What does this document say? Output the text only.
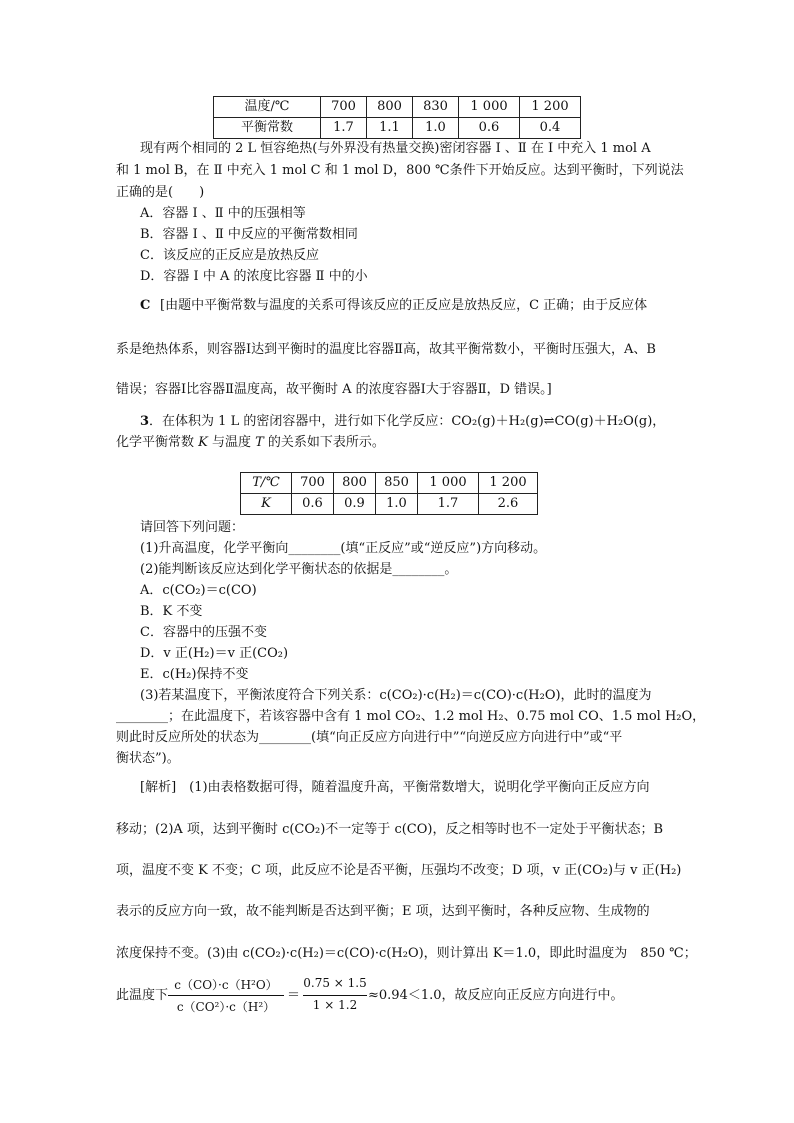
温度/℃	700	800	830	1 000	1 200
平衡常数	1.7	1.1	1.0	0.6	0.4
现有两个相同的 2 L 恒容绝热(与外界没有热量交换)密闭容器 Ⅰ 、Ⅱ 在 Ⅰ 中充入 1 mol A
和 1 mol B，在 Ⅱ 中充入 1 mol C 和 1 mol D，800 ℃条件下开始反应。达到平衡时，下列说法
正确的是(　　)
A．容器 Ⅰ 、Ⅱ 中的压强相等
B．容器 Ⅰ 、Ⅱ 中反应的平衡常数相同
C．该反应的正反应是放热反应
D．容器 Ⅰ 中 A 的浓度比容器 Ⅱ 中的小
C [由题中平衡常数与温度的关系可得该反应的正反应是放热反应，C 正确；由于反应体
系是绝热体系，则容器Ⅰ达到平衡时的温度比容器Ⅱ高，故其平衡常数小，平衡时压强大，A、B
错误；容器Ⅰ比容器Ⅱ温度高，故平衡时 A 的浓度容器Ⅰ大于容器Ⅱ，D 错误。]
3．在体积为 1 L 的密闭容器中，进行如下化学反应：CO₂(g)＋H₂(g)⇌CO(g)＋H₂O(g)，
化学平衡常数 K 与温度 T 的关系如下表所示。
T/℃	700	800	850	1 000	1 200
K	0.6	0.9	1.0	1.7	2.6
请回答下列问题：
(1)升高温度，化学平衡向________(填“正反应”或“逆反应”)方向移动。
(2)能判断该反应达到化学平衡状态的依据是________。
A．c(CO₂)＝c(CO)
B．K 不变
C．容器中的压强不变
D．v 正(H₂)＝v 正(CO₂)
E．c(H₂)保持不变
(3)若某温度下，平衡浓度符合下列关系：c(CO₂)·c(H₂)＝c(CO)·c(H₂O)，此时的温度为
________；在此温度下，若该容器中含有 1 mol CO₂、1.2 mol H₂、0.75 mol CO、1.5 mol H₂O，
则此时反应所处的状态为________(填“向正反应方向进行中”“向逆反应方向进行中”或“平
衡状态”)。
[解析]　(1)由表格数据可得，随着温度升高，平衡常数增大，说明化学平衡向正反应方向
移动；(2)A 项，达到平衡时 c(CO₂)不一定等于 c(CO)，反之相等时也不一定处于平衡状态；B
项，温度不变 K 不变；C 项，此反应不论是否平衡，压强均不改变；D 项，v 正(CO₂)与 v 正(H₂)
表示的反应方向一致，故不能判断是否达到平衡；E 项，达到平衡时，各种反应物、生成物的
浓度保持不变。(3)由 c(CO₂)·c(H₂)＝c(CO)·c(H₂O)，则计算出 K＝1.0，即此时温度为　850 ℃；
此温度下
c（CO）·c（H²O）
c（CO²）·c（H²）
＝
0.75 × 1.5
1 × 1.2
≈0.94＜1.0，故反应向正反应方向进行中。
